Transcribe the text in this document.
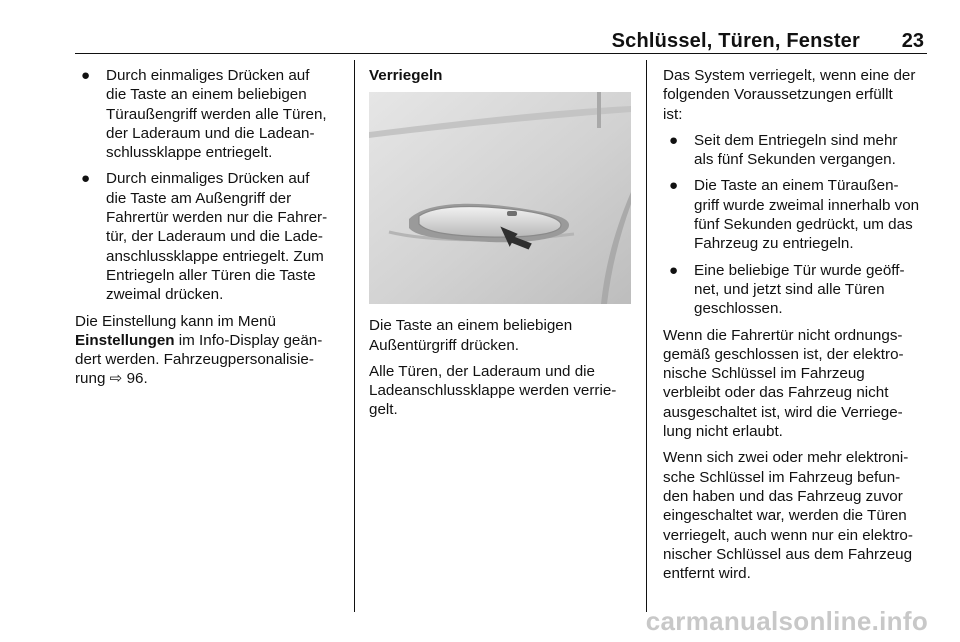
Schlüssel, Türen, Fenster	23
● Durch einmaliges Drücken auf
die Taste an einem beliebigen
Türaußengriff werden alle Türen,
der Laderaum und die Ladean-
schlussklappe entriegelt.
● Durch einmaliges Drücken auf
die Taste am Außengriff der
Fahrertür werden nur die Fahrer-
tür, der Laderaum und die Lade-
anschlussklappe entriegelt. Zum
Entriegeln aller Türen die Taste
zweimal drücken.

Die Einstellung kann im Menü
Einstellungen im Info-Display geän-
dert werden. Fahrzeugpersonalisie-
rung ⇨ 96.

Verriegeln

Die Taste an einem beliebigen
Außentürgriff drücken.

Alle Türen, der Laderaum und die
Ladeanschlussklappe werden verrie-
gelt.

Das System verriegelt, wenn eine der
folgenden Voraussetzungen erfüllt
ist:

● Seit dem Entriegeln sind mehr
als fünf Sekunden vergangen.
● Die Taste an einem Türaußen-
griff wurde zweimal innerhalb von
fünf Sekunden gedrückt, um das
Fahrzeug zu entriegeln.
● Eine beliebige Tür wurde geöff-
net, und jetzt sind alle Türen
geschlossen.

Wenn die Fahrertür nicht ordnungs-
gemäß geschlossen ist, der elektro-
nische Schlüssel im Fahrzeug
verbleibt oder das Fahrzeug nicht
ausgeschaltet ist, wird die Verriege-
lung nicht erlaubt.

Wenn sich zwei oder mehr elektroni-
sche Schlüssel im Fahrzeug befun-
den haben und das Fahrzeug zuvor
eingeschaltet war, werden die Türen
verriegelt, auch wenn nur ein elektro-
nischer Schlüssel aus dem Fahrzeug
entfernt wird.

carmanualsonline.info
